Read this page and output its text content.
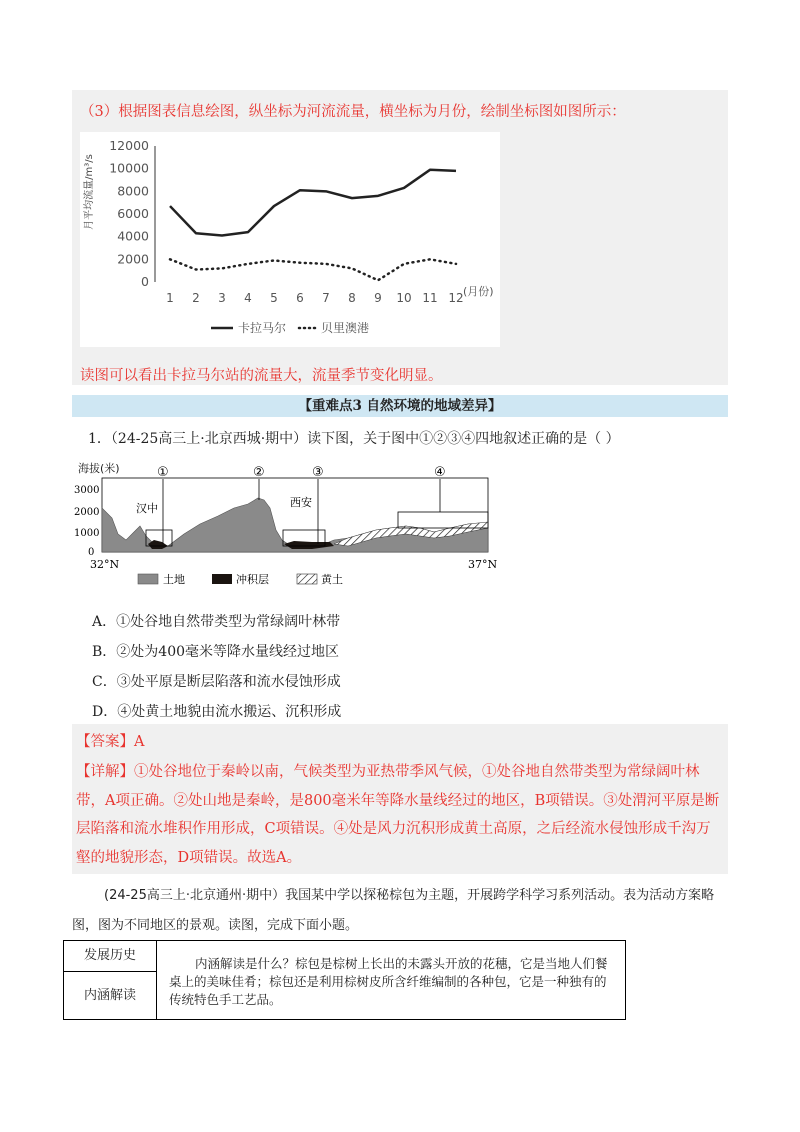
（3）根据图表信息绘图，纵坐标为河流流量，横坐标为月份，绘制坐标图如图所示：
0
2000
4000
6000
8000
10000
12000
1 2 3 4 5 6 7 8 9 10 11 12
月平均流量/m³/s
(月份)
卡拉马尔	贝里澳港
读图可以看出卡拉马尔站的流量大，流量季节变化明显。
【重难点3 自然环境的地域差异】
1．（24-25高三上·北京西城·期中）读下图，关于图中①②③④四地叙述正确的是（ ）
海拔(米)
3000
2000
1000
0
①	②	③	④
汉中	西安
32°N	37°N
土地	冲积层	黄土
A．①处谷地自然带类型为常绿阔叶林带
B．②处为400毫米等降水量线经过地区
C．③处平原是断层陷落和流水侵蚀形成
D．④处黄土地貌由流水搬运、沉积形成
【答案】A
【详解】①处谷地位于秦岭以南，气候类型为亚热带季风气候，①处谷地自然带类型为常绿阔叶林带，A项正确。②处山地是秦岭，是800毫米年等降水量线经过的地区，B项错误。③处渭河平原是断层陷落和流水堆积作用形成，C项错误。④处是风力沉积形成黄土高原，之后经流水侵蚀形成千沟万壑的地貌形态，D项错误。故选A。
(24-25高三上·北京通州·期中）我国某中学以探秘棕包为主题，开展跨学科学习系列活动。表为活动方案略图，图为不同地区的景观。读图，完成下面小题。
发展历史
内涵解读
内涵解读是什么？棕包是棕树上长出的未露头开放的花穗，它是当地人们餐桌上的美味佳肴；棕包还是利用棕树皮所含纤维编制的各种包，它是一种独有的传统特色手工艺品。
